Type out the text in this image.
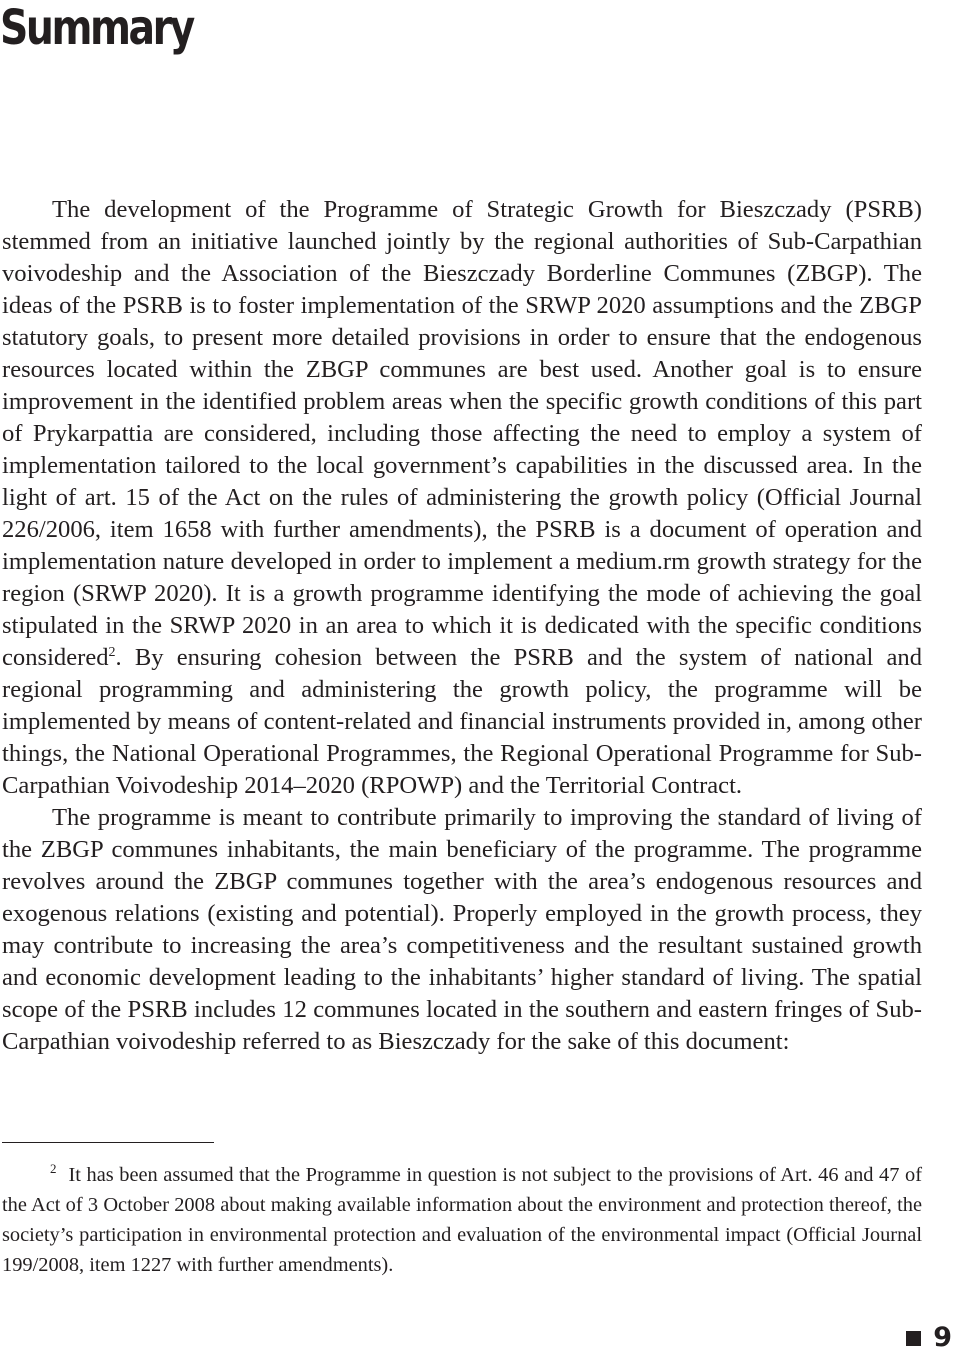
Summary

The development of the Programme of Strategic Growth for Bieszczady (PSRB) stemmed from an initiative launched jointly by the regional authorities of Sub-Carpathian voivodeship and the Association of the Bieszczady Borderline Communes (ZBGP). The ideas of the PSRB is to foster implementation of the SRWP 2020 assumptions and the ZBGP statutory goals, to present more detailed provisions in order to ensure that the endogenous resources located within the ZBGP communes are best used. Another goal is to ensure improvement in the identified problem areas when the specific growth conditions of this part of Prykarpattia are considered, including those affecting the need to employ a system of implementation tailored to the local government’s capabilities in the discussed area. In the light of art. 15 of the Act on the rules of administering the growth policy (Official Journal 226/2006, item 1658 with further amendments), the PSRB is a document of operation and implementation nature developed in order to implement a medium.rm growth strategy for the region (SRWP 2020). It is a growth programme identifying the mode of achieving the goal stipulated in the SRWP 2020 in an area to which it is dedicated with the specific conditions considered$^2$. By ensuring cohesion between the PSRB and the system of national and regional programming and administering the growth policy, the programme will be implemented by means of content-related and financial instruments provided in, among other things, the National Operational Programmes, the Regional Operational Programme for Sub-Carpathian Voivodeship 2014–2020 (RPOWP) and the Territorial Contract.

The programme is meant to contribute primarily to improving the standard of living of the ZBGP communes inhabitants, the main beneficiary of the programme. The programme revolves around the ZBGP communes together with the area’s endogenous resources and exogenous relations (existing and potential). Properly employed in the growth process, they may contribute to increasing the area’s competitiveness and the resultant sustained growth and economic development leading to the inhabitants’ higher standard of living. The spatial scope of the PSRB includes 12 communes located in the southern and eastern fringes of Sub-Carpathian voivodeship referred to as Bieszczady for the sake of this document:

2 It has been assumed that the Programme in question is not subject to the provisions of Art. 46 and 47 of the Act of 3 October 2008 about making available information about the environment and protection thereof, the society’s participation in environmental protection and evaluation of the environmental impact (Official Journal 199/2008, item 1227 with further amendments).

9
